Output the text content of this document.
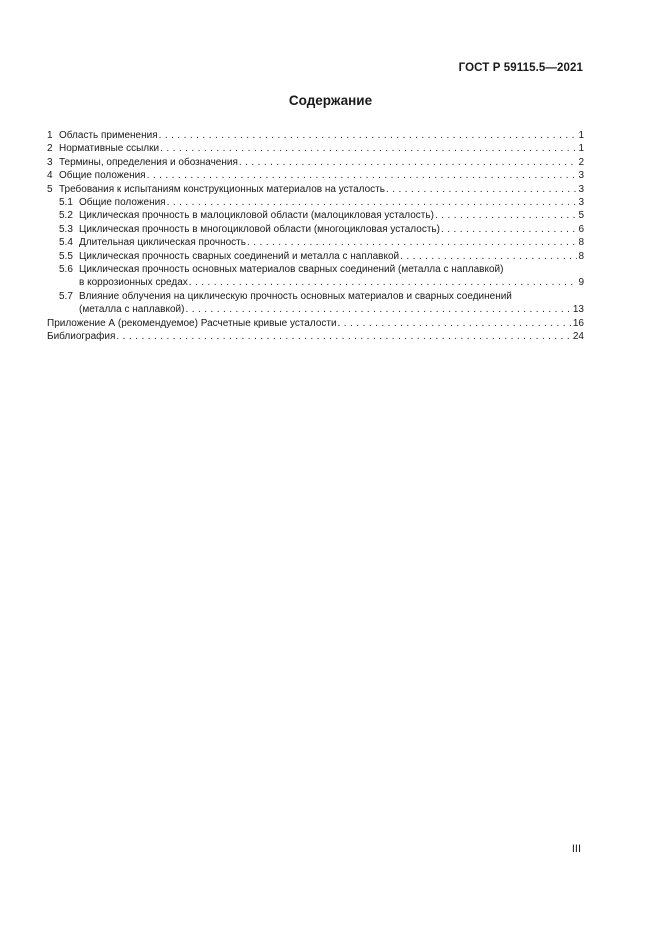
ГОСТ Р 59115.5—2021
Содержание
1 Область применения . . .	1
2 Нормативные ссылки . . .	1
3 Термины, определения и обозначения . . .	2
4 Общие положения . . .	3
5 Требования к испытаниям конструкционных материалов на усталость . . .	3
5.1 Общие положения . . .	3
5.2 Циклическая прочность в малоцикловой области (малоцикловая усталость) . . .	5
5.3 Циклическая прочность в многоцикловой области (многоцикловая усталость) . . .	6
5.4 Длительная циклическая прочность . . .	8
5.5 Циклическая прочность сварных соединений и металла с наплавкой . . .	8
5.6 Циклическая прочность основных материалов сварных соединений (металла с наплавкой)
в коррозионных средах . . .	9
5.7 Влияние облучения на циклическую прочность основных материалов и сварных соединений
(металла с наплавкой) . . .	13
Приложение А (рекомендуемое) Расчетные кривые усталости . . .	16
Библиография . . .	24
III
